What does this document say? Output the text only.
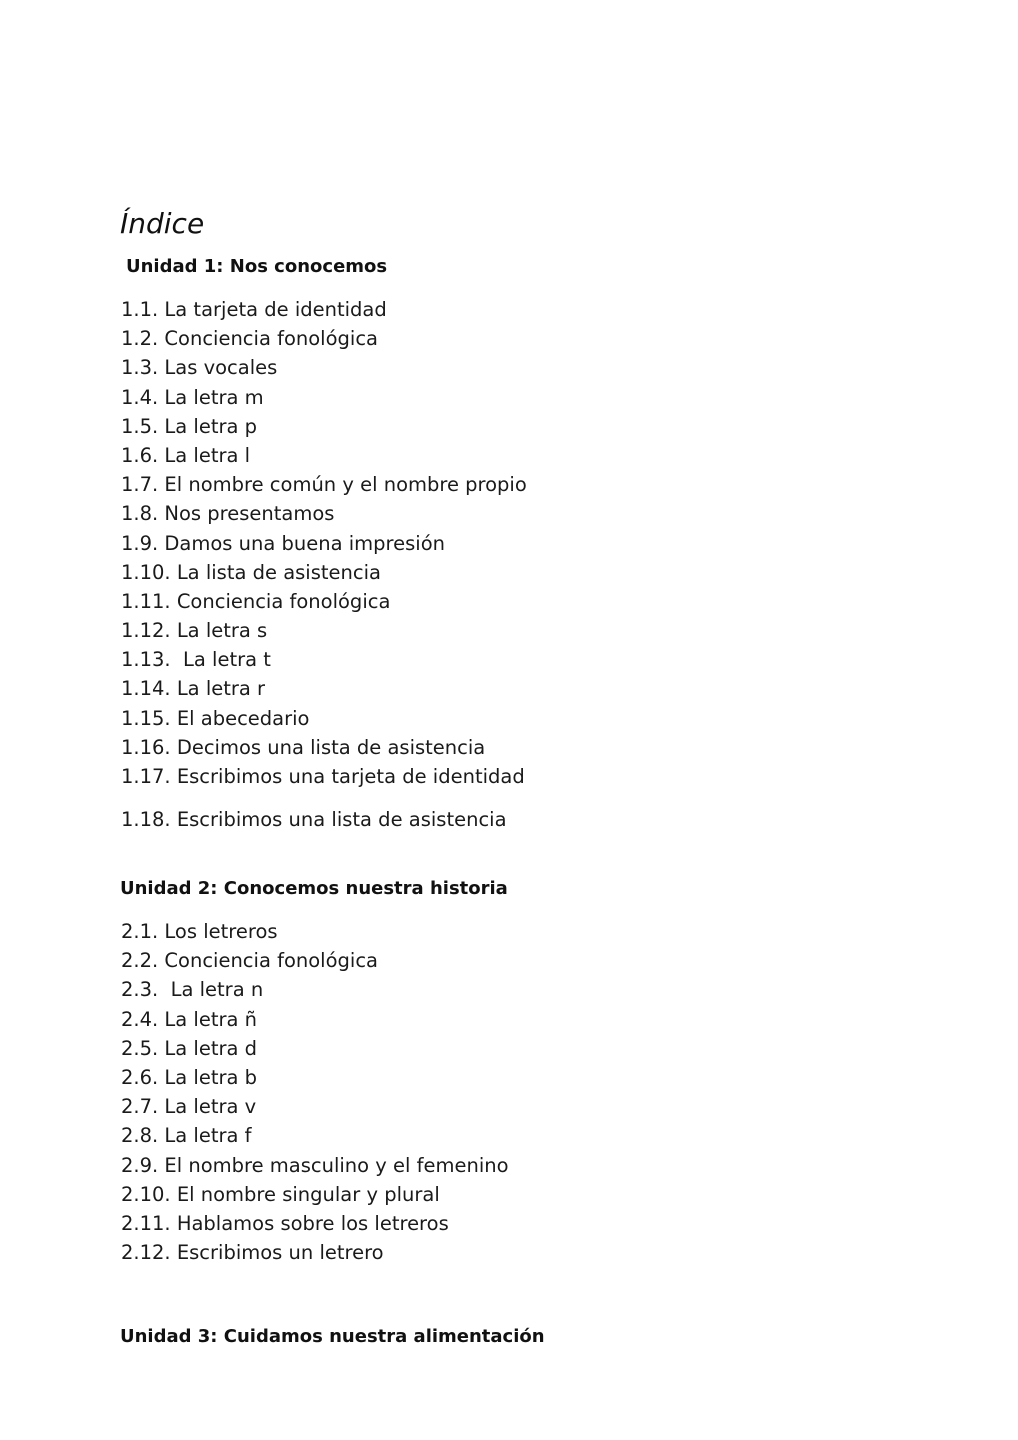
Índice
Unidad 1: Nos conocemos
1.1. La tarjeta de identidad
1.2. Conciencia fonológica
1.3. Las vocales
1.4. La letra m
1.5. La letra p
1.6. La letra l
1.7. El nombre común y el nombre propio
1.8. Nos presentamos
1.9. Damos una buena impresión
1.10. La lista de asistencia
1.11. Conciencia fonológica
1.12. La letra s
1.13.  La letra t
1.14. La letra r
1.15. El abecedario
1.16. Decimos una lista de asistencia
1.17. Escribimos una tarjeta de identidad
1.18. Escribimos una lista de asistencia
Unidad 2: Conocemos nuestra historia
2.1. Los letreros
2.2. Conciencia fonológica
2.3.  La letra n
2.4. La letra ñ
2.5. La letra d
2.6. La letra b
2.7. La letra v
2.8. La letra f
2.9. El nombre masculino y el femenino
2.10. El nombre singular y plural
2.11. Hablamos sobre los letreros
2.12. Escribimos un letrero
Unidad 3: Cuidamos nuestra alimentación
